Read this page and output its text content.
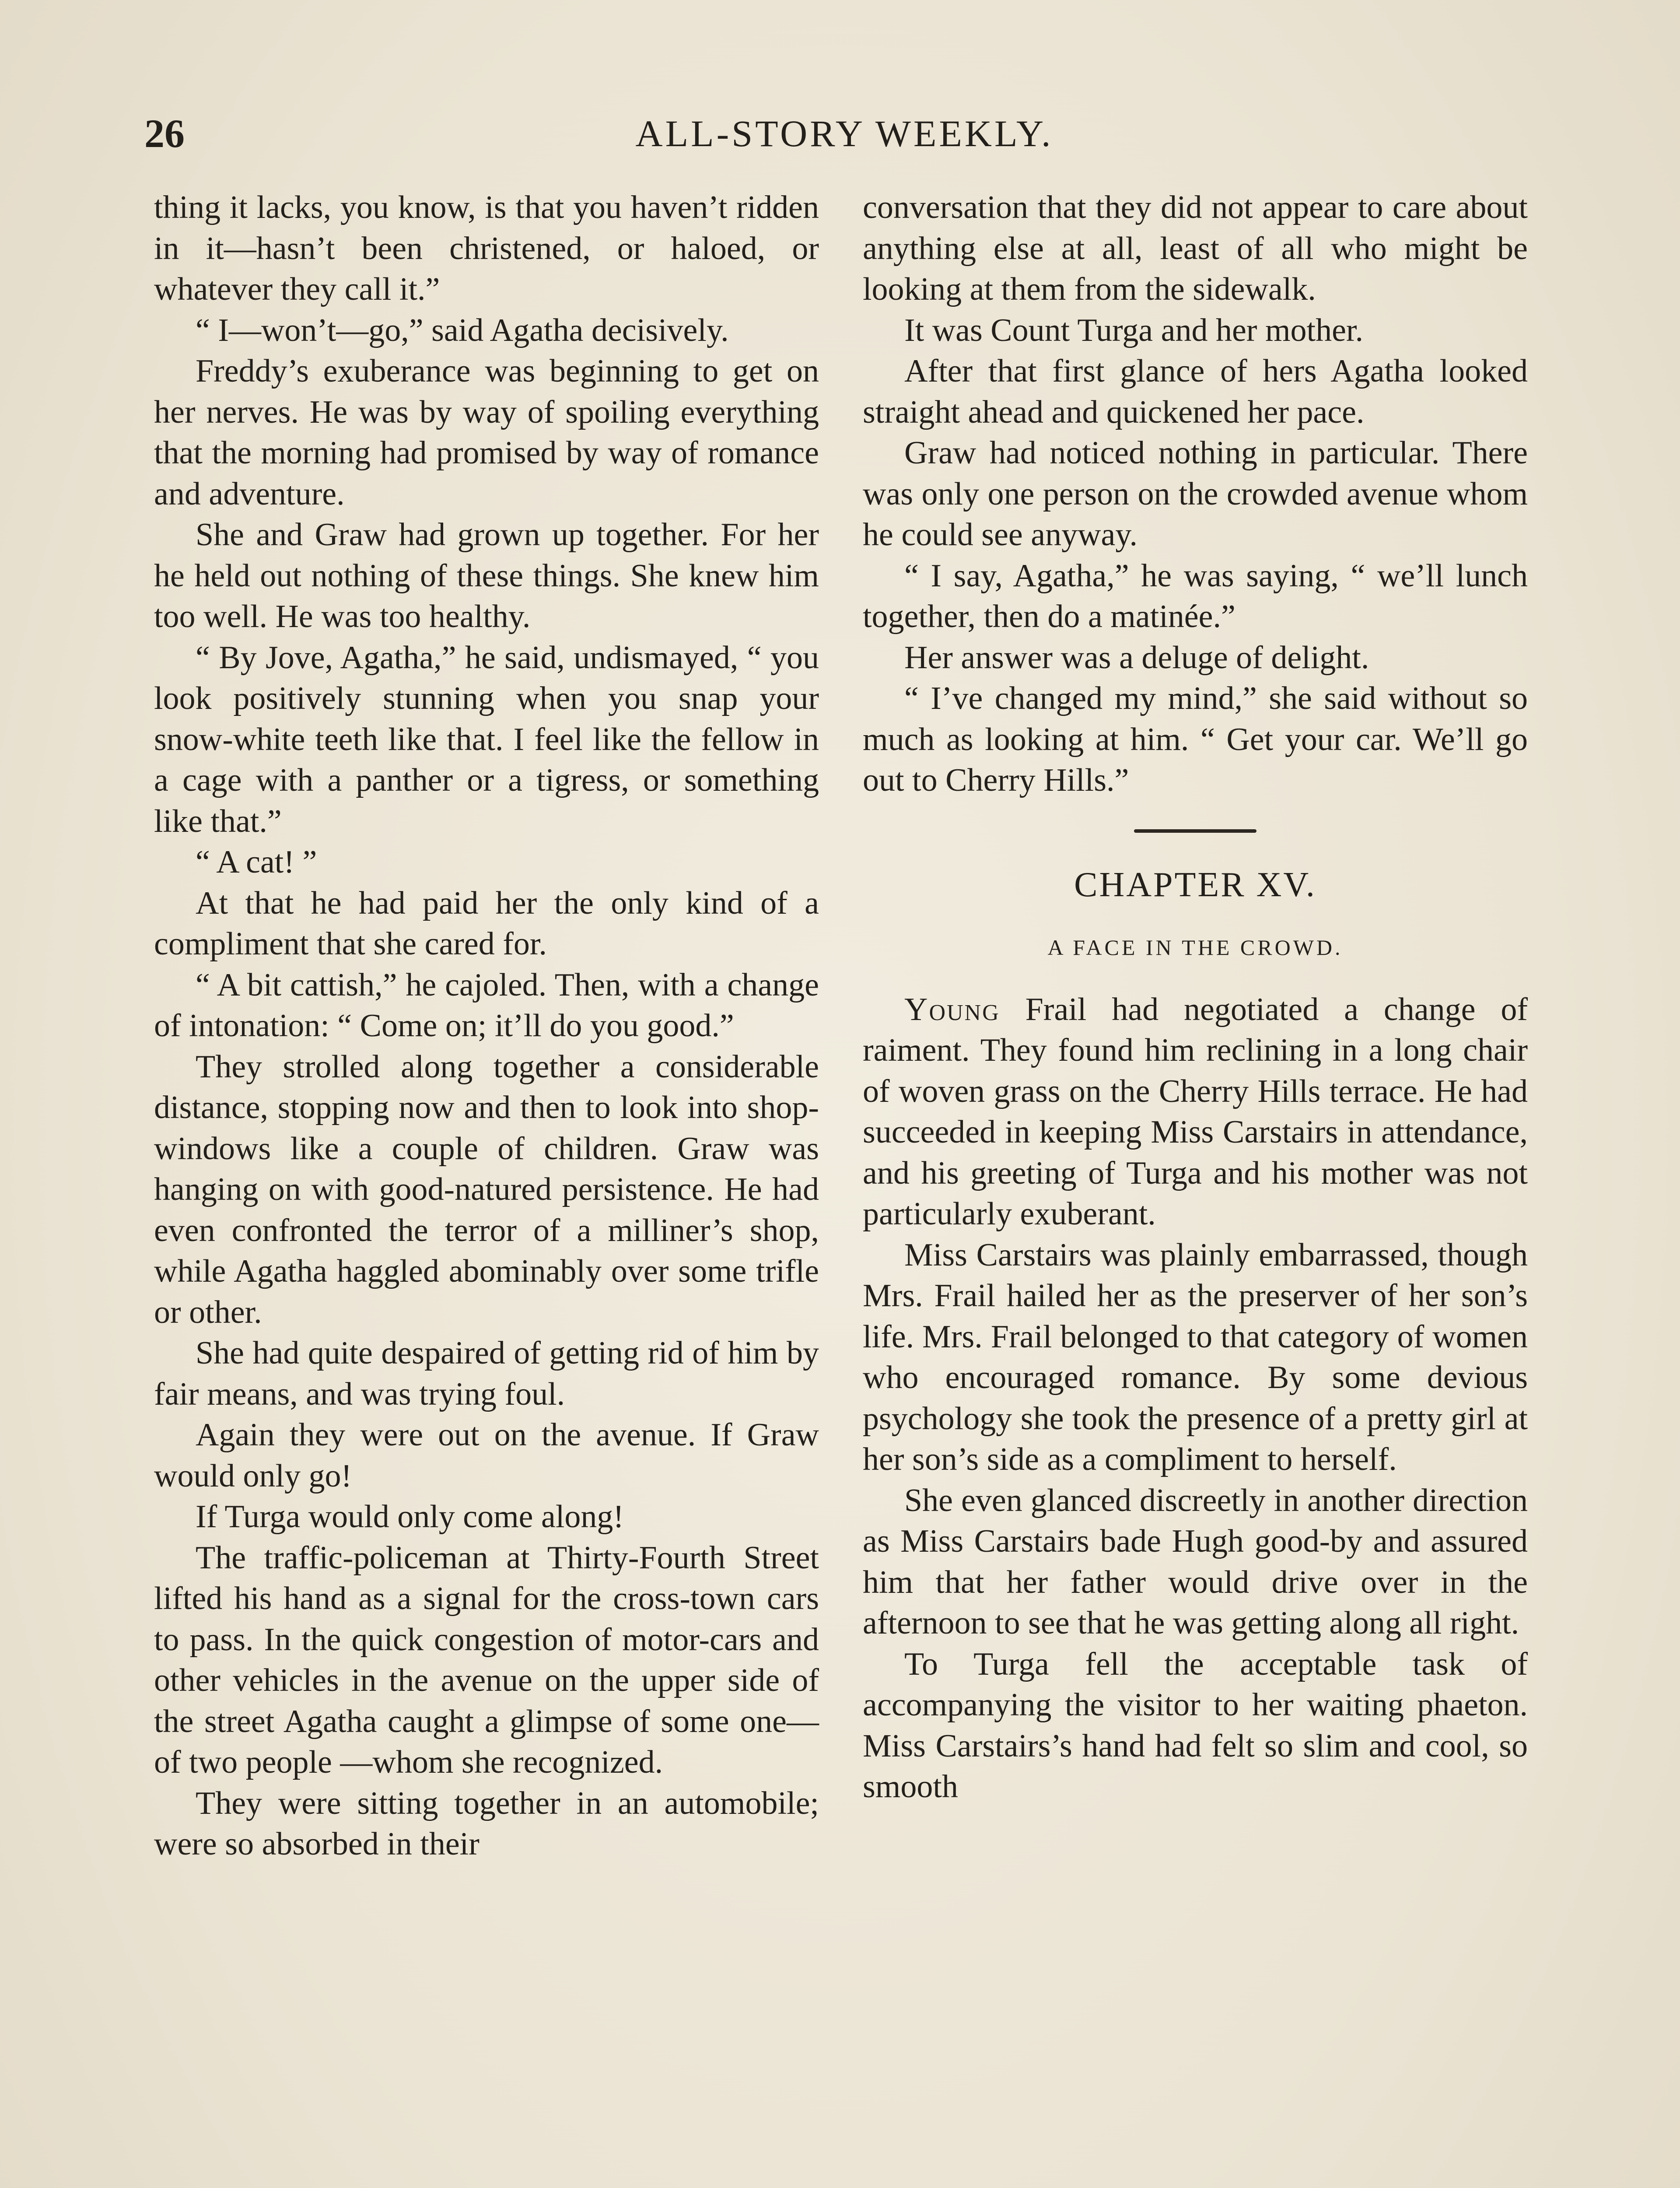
26	ALL-STORY WEEKLY.

thing it lacks, you know, is that you haven’t ridden in it—hasn’t been christened, or haloed, or whatever they call it.”

“ I—won’t—go,” said Agatha decisively.

Freddy’s exuberance was beginning to get on her nerves. He was by way of spoiling everything that the morning had promised by way of romance and adventure.

She and Graw had grown up together. For her he held out nothing of these things. She knew him too well. He was too healthy.

“ By Jove, Agatha,” he said, undismayed, “ you look positively stunning when you snap your snow-white teeth like that. I feel like the fellow in a cage with a panther or a tigress, or something like that.”

“ A cat! ”

At that he had paid her the only kind of a compliment that she cared for.

“ A bit cattish,” he cajoled. Then, with a change of intonation: “ Come on; it’ll do you good.”

They strolled along together a considerable distance, stopping now and then to look into shop-windows like a couple of children. Graw was hanging on with good-natured persistence. He had even confronted the terror of a milliner’s shop, while Agatha haggled abominably over some trifle or other.

She had quite despaired of getting rid of him by fair means, and was trying foul.

Again they were out on the avenue. If Graw would only go!

If Turga would only come along!

The traffic-policeman at Thirty-Fourth Street lifted his hand as a signal for the cross-town cars to pass. In the quick congestion of motor-cars and other vehicles in the avenue on the upper side of the street Agatha caught a glimpse of some one—of two people —whom she recognized.

They were sitting together in an automobile; were so absorbed in their

conversation that they did not appear to care about anything else at all, least of all who might be looking at them from the sidewalk.

It was Count Turga and her mother.

After that first glance of hers Agatha looked straight ahead and quickened her pace.

Graw had noticed nothing in particular. There was only one person on the crowded avenue whom he could see anyway.

“ I say, Agatha,” he was saying, “ we’ll lunch together, then do a matinée.”

Her answer was a deluge of delight.

“ I’ve changed my mind,” she said without so much as looking at him. “ Get your car. We’ll go out to Cherry Hills.”

CHAPTER XV.
A FACE IN THE CROWD.

Young Frail had negotiated a change of raiment. They found him reclining in a long chair of woven grass on the Cherry Hills terrace. He had succeeded in keeping Miss Carstairs in attendance, and his greeting of Turga and his mother was not particularly exuberant.

Miss Carstairs was plainly embarrassed, though Mrs. Frail hailed her as the preserver of her son’s life. Mrs. Frail belonged to that category of women who encouraged romance. By some devious psychology she took the presence of a pretty girl at her son’s side as a compliment to herself.

She even glanced discreetly in another direction as Miss Carstairs bade Hugh good-by and assured him that her father would drive over in the afternoon to see that he was getting along all right.

To Turga fell the acceptable task of accompanying the visitor to her waiting phaeton. Miss Carstairs’s hand had felt so slim and cool, so smooth
